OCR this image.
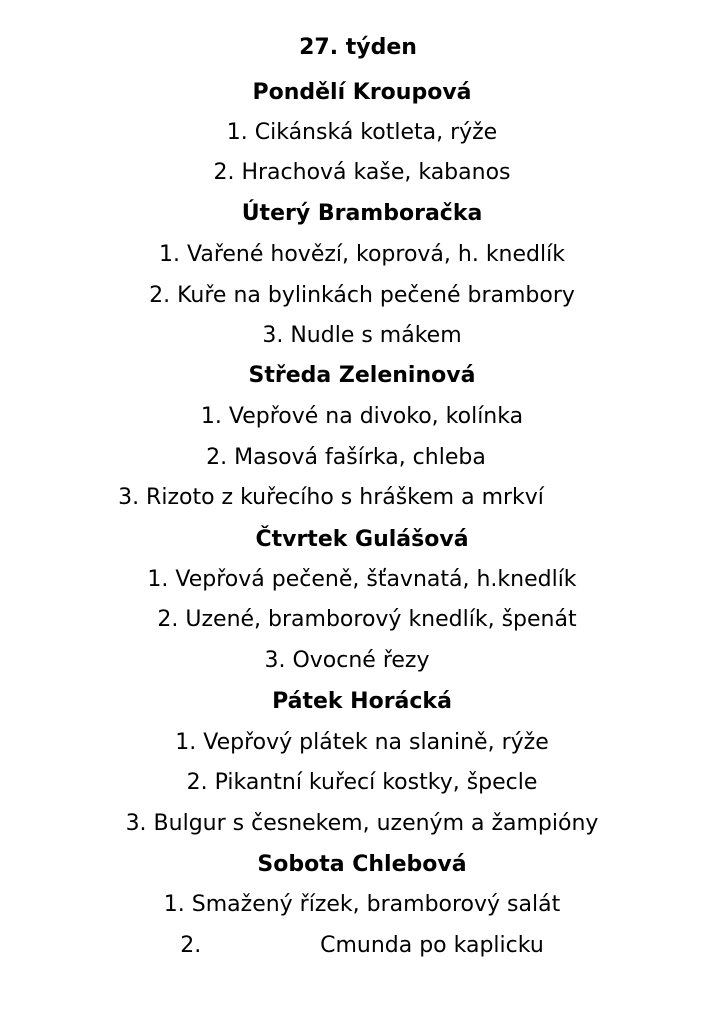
27. týden
Pondělí Kroupová
1. Cikánská kotleta, rýže
2. Hrachová kaše, kabanos
Úterý Bramboračka
1. Vařené hovězí, koprová, h. knedlík
2. Kuře na bylinkách pečené brambory
3. Nudle s mákem
Středa Zeleninová
1. Vepřové na divoko, kolínka
2. Masová fašírka, chleba
3. Rizoto z kuřecího s hráškem a mrkví
Čtvrtek Gulášová
1. Vepřová pečeně, šťavnatá, h.knedlík
2. Uzené, bramborový knedlík, špenát
3. Ovocné řezy
Pátek Horácká
1. Vepřový plátek na slanině, rýže
2. Pikantní kuřecí kostky, špecle
3. Bulgur s česnekem, uzeným a žampióny
Sobota Chlebová
1. Smažený řízek, bramborový salát
2.                 Cmunda po kaplicku
